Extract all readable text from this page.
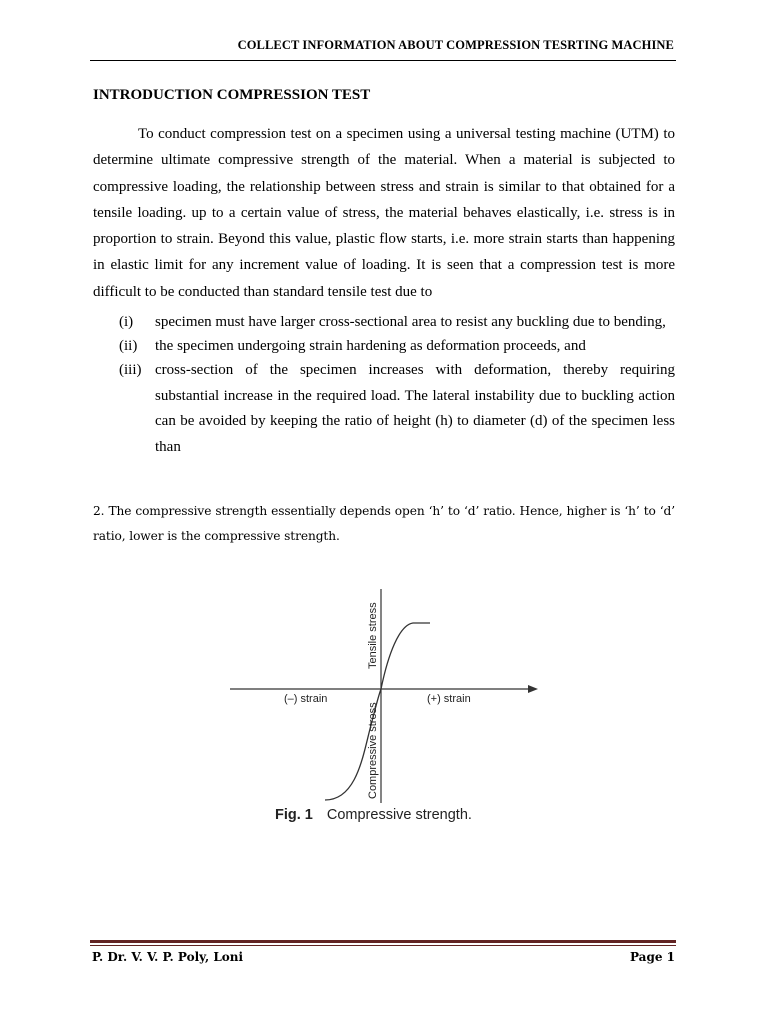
COLLECT INFORMATION ABOUT COMPRESSION TESRTING MACHINE
INTRODUCTION COMPRESSION TEST

To conduct compression test on a specimen using a universal testing machine (UTM) to determine ultimate compressive strength of the material. When a material is subjected to compressive loading, the relationship between stress and strain is similar to that obtained for a tensile loading. up to a certain value of stress, the material behaves elastically, i.e. stress is in proportion to strain. Beyond this value, plastic flow starts, i.e. more strain starts than happening in elastic limit for any increment value of loading. It is seen that a compression test is more difficult to be conducted than standard tensile test due to

(i)	specimen must have larger cross-sectional area to resist any buckling due to bending,
(ii)	the specimen undergoing strain hardening as deformation proceeds, and
(iii) cross-section of the specimen increases with deformation, thereby requiring substantial increase in the required load. The lateral instability due to buckling action can be avoided by keeping the ratio of height (h) to diameter (d) of the specimen less than

2. The compressive strength essentially depends open ‘h’ to ‘d’ ratio. Hence, higher is ‘h’ to ‘d’ ratio, lower is the compressive strength.

Tensile stress
Compressive stress
(–) strain	(+) strain
Fig. 1 Compressive strength.
P. Dr. V. V. P. Poly, Loni	Page 1
